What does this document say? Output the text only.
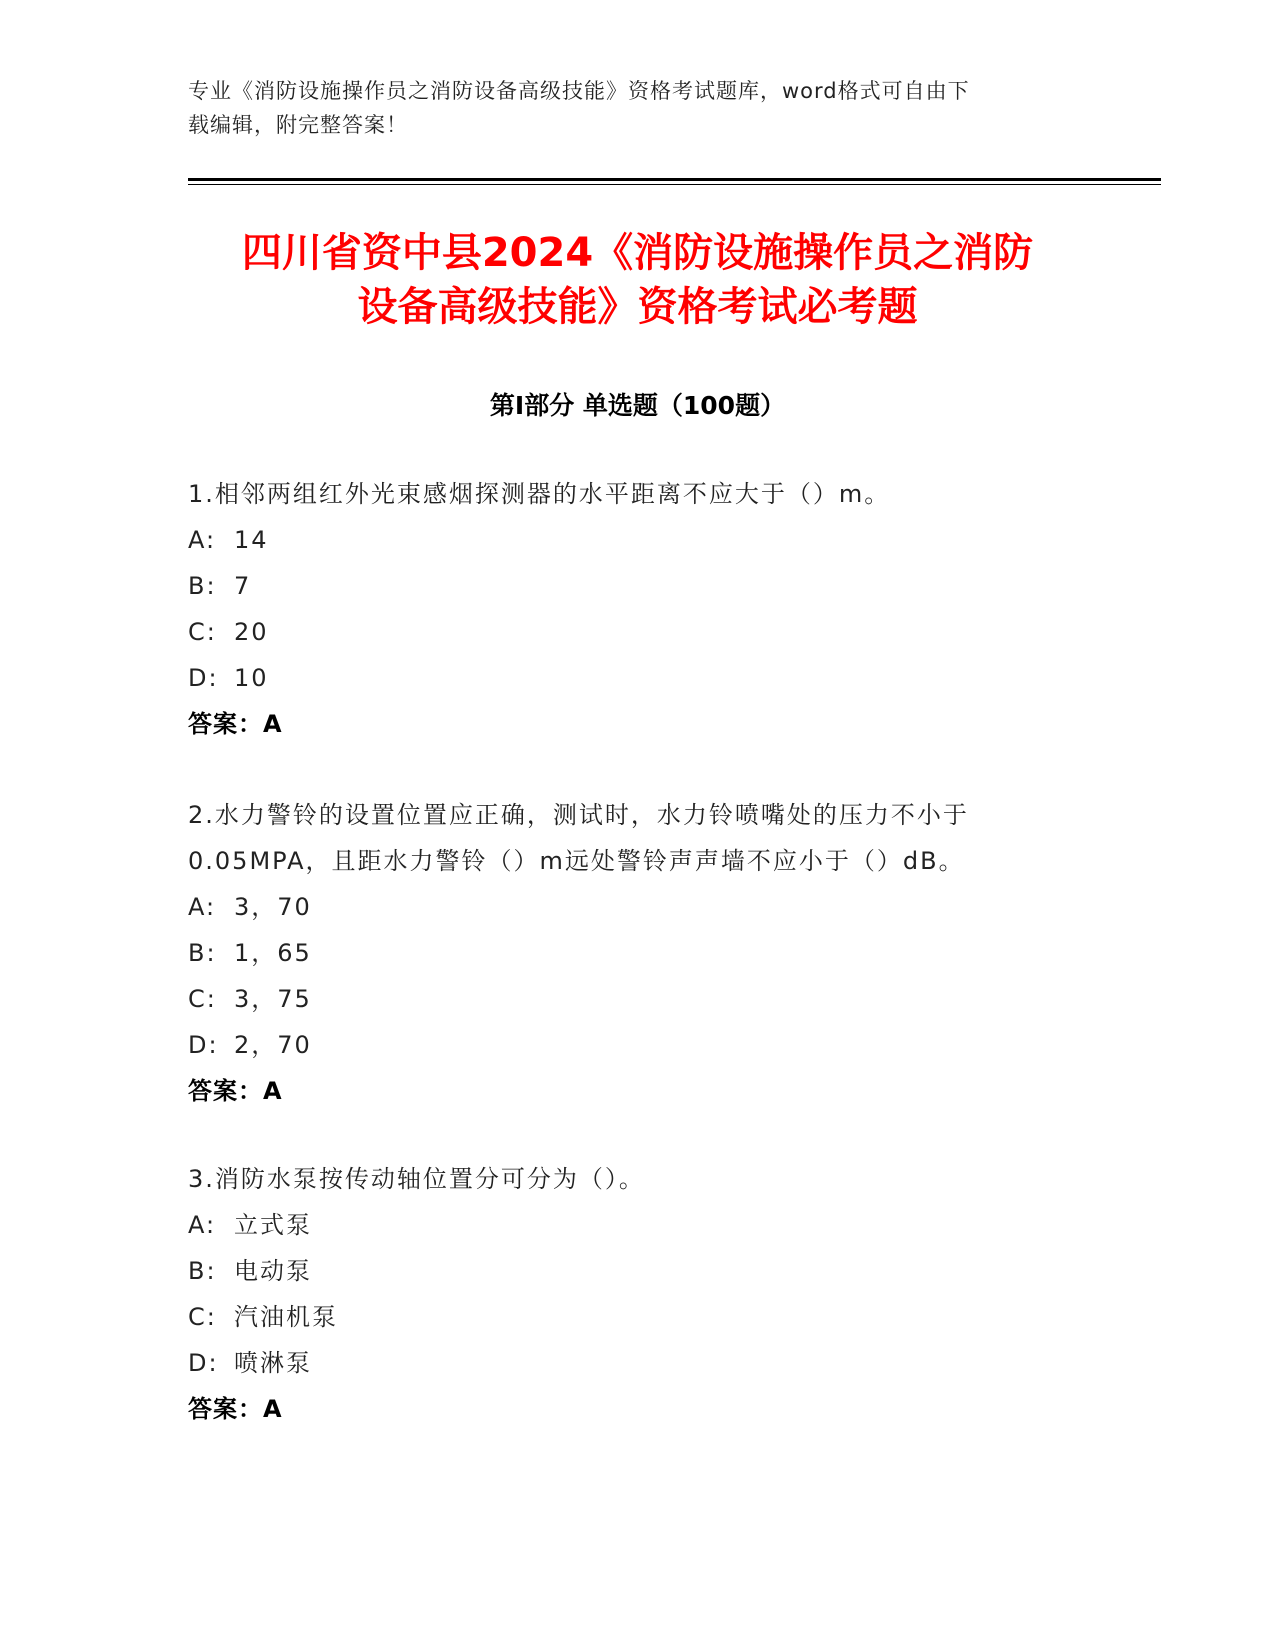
专业《消防设施操作员之消防设备高级技能》资格考试题库，word格式可自由下

载编辑，附完整答案！

四川省资中县2024《消防设施操作员之消防
设备高级技能》资格考试必考题
第Ⅰ部分 单选题（100题）
1.相邻两组红外光束感烟探测器的水平距离不应大于（）m。
A: 14
B: 7
C: 20
D: 10
答案：A
2.水力警铃的设置位置应正确，测试时，水力铃喷嘴处的压力不小于
0.05MPA，且距水力警铃（）m远处警铃声声墙不应小于（）dB。
A: 3，70
B: 1，65
C: 3，75
D: 2，70
答案：A
3.消防水泵按传动轴位置分可分为（）。
A: 立式泵
B: 电动泵
C: 汽油机泵
D: 喷淋泵
答案：A
